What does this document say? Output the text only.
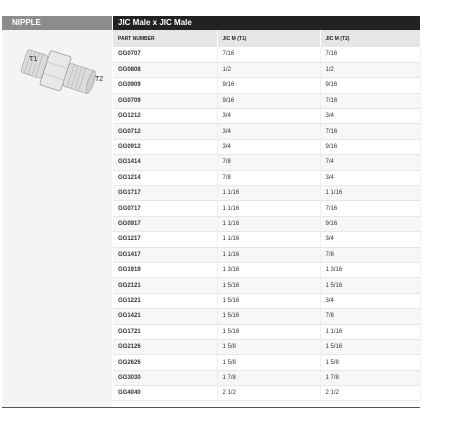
NIPPLE
T1
T2
JIC Male x JIC Male
PART NUMBER	JIC M (T1)	JIC M (T2)
GG0707	7/16	7/16
GG0808	1/2	1/2
GG0909	9/16	9/16
GG0709	9/16	7/16
GG1212	3/4	3/4
GG0712	3/4	7/16
GG0912	3/4	9/16
GG1414	7/8	7/4
GG1214	7/8	3/4
GG1717	1 1/16	1 1/16
GG0717	1 1/16	7/16
GG0917	1 1/16	9/16
GG1217	1 1/16	3/4
GG1417	1 1/16	7/8
GG1919	1 3/16	1 3/16
GG2121	1 5/16	1 5/16
GG1221	1 5/16	3/4
GG1421	1 5/16	7/8
GG1721	1 5/16	1 1/16
GG2126	1 5/8	1 5/16
GG2626	1 5/8	1 5/8
GG3030	1 7/8	1 7/8
GG4040	2 1/2	2 1/2
